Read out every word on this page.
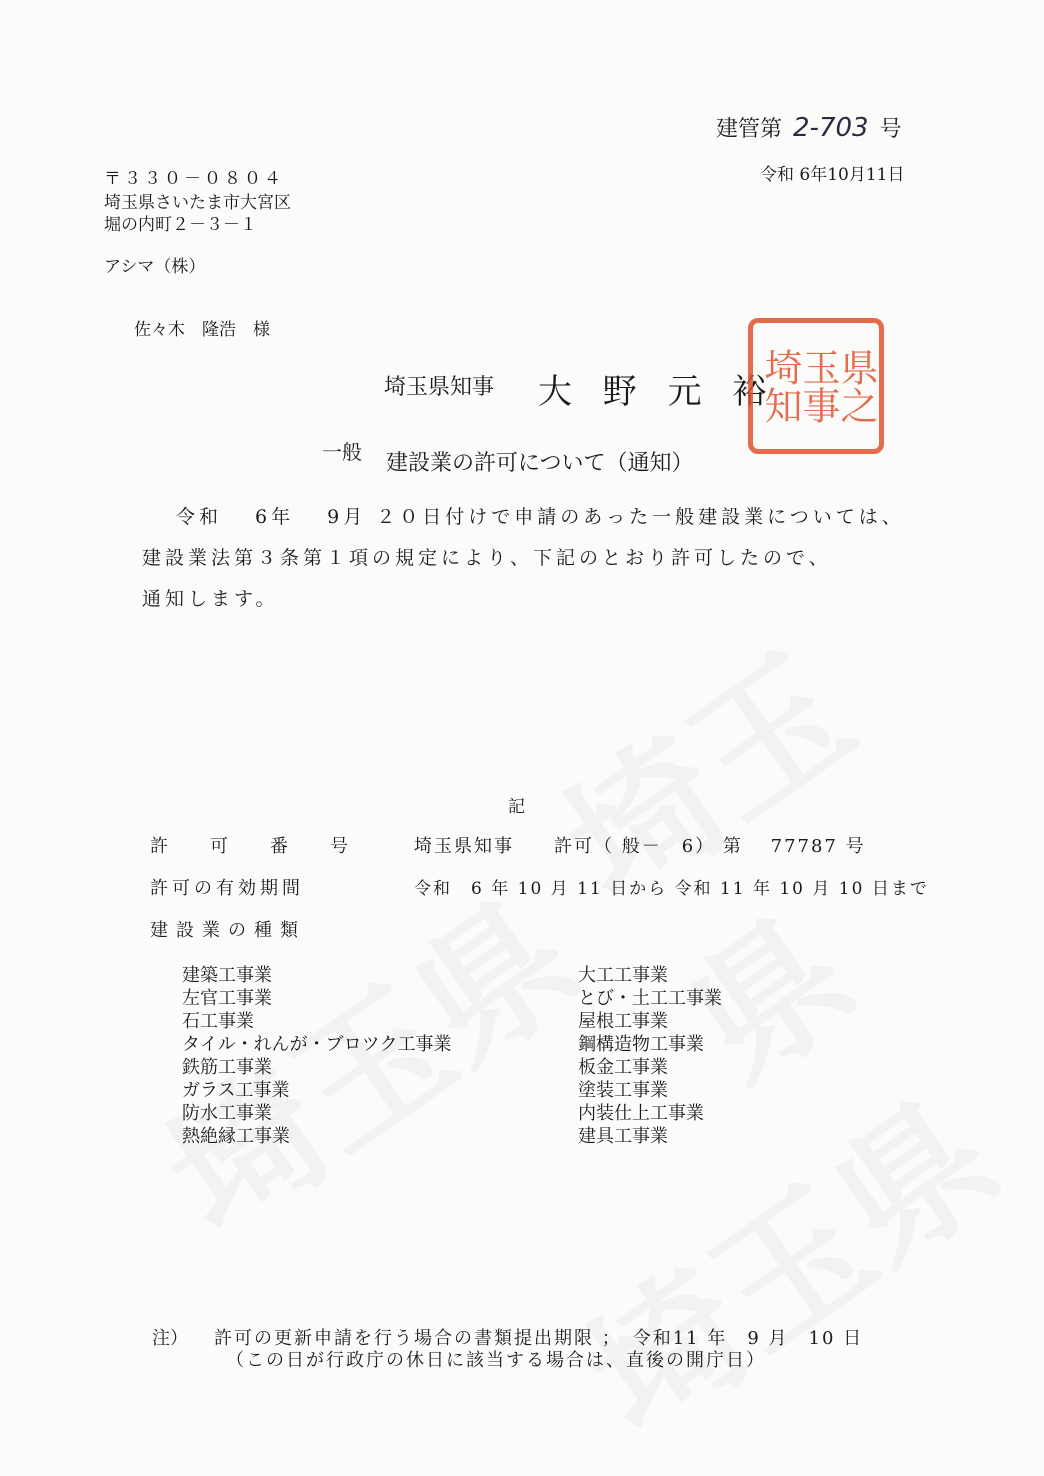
建管第 2-703 号
令和 6年10月11日
〒３３０－０８０４
埼玉県さいたま市大宮区
堀の内町２－３－１
アシマ（株）
佐々木　隆浩　様
埼玉県知事 大 野 元 裕
埼知
玉事
県之
一般 建設業の許可について（通知）
令和　 6年　 9月 ２０日付けで申請のあった一般建設業については、
建設業法第３条第１項の規定により、下記のとおり許可したので、
通知します。
記
許　可　番　号	埼玉県知事　　許可（ 般－　6） 第　 77787 号
許可の有効期間	令和　6 年 10 月 11 日から 令和 11 年 10 月 10 日まで
建設業の種類
建築工事業
左官工事業
石工事業
タイル・れんが・ブロツク工事業
鉄筋工事業
ガラス工事業
防水工事業
熱絶縁工事業
大工工事業
とび・土工工事業
屋根工事業
鋼構造物工事業
板金工事業
塗装工事業
内装仕上工事業
建具工事業
注） 許可の更新申請を行う場合の書類提出期限 ；　令和11 年　9 月　10 日
（この日が行政庁の休日に該当する場合は、直後の開庁日）
